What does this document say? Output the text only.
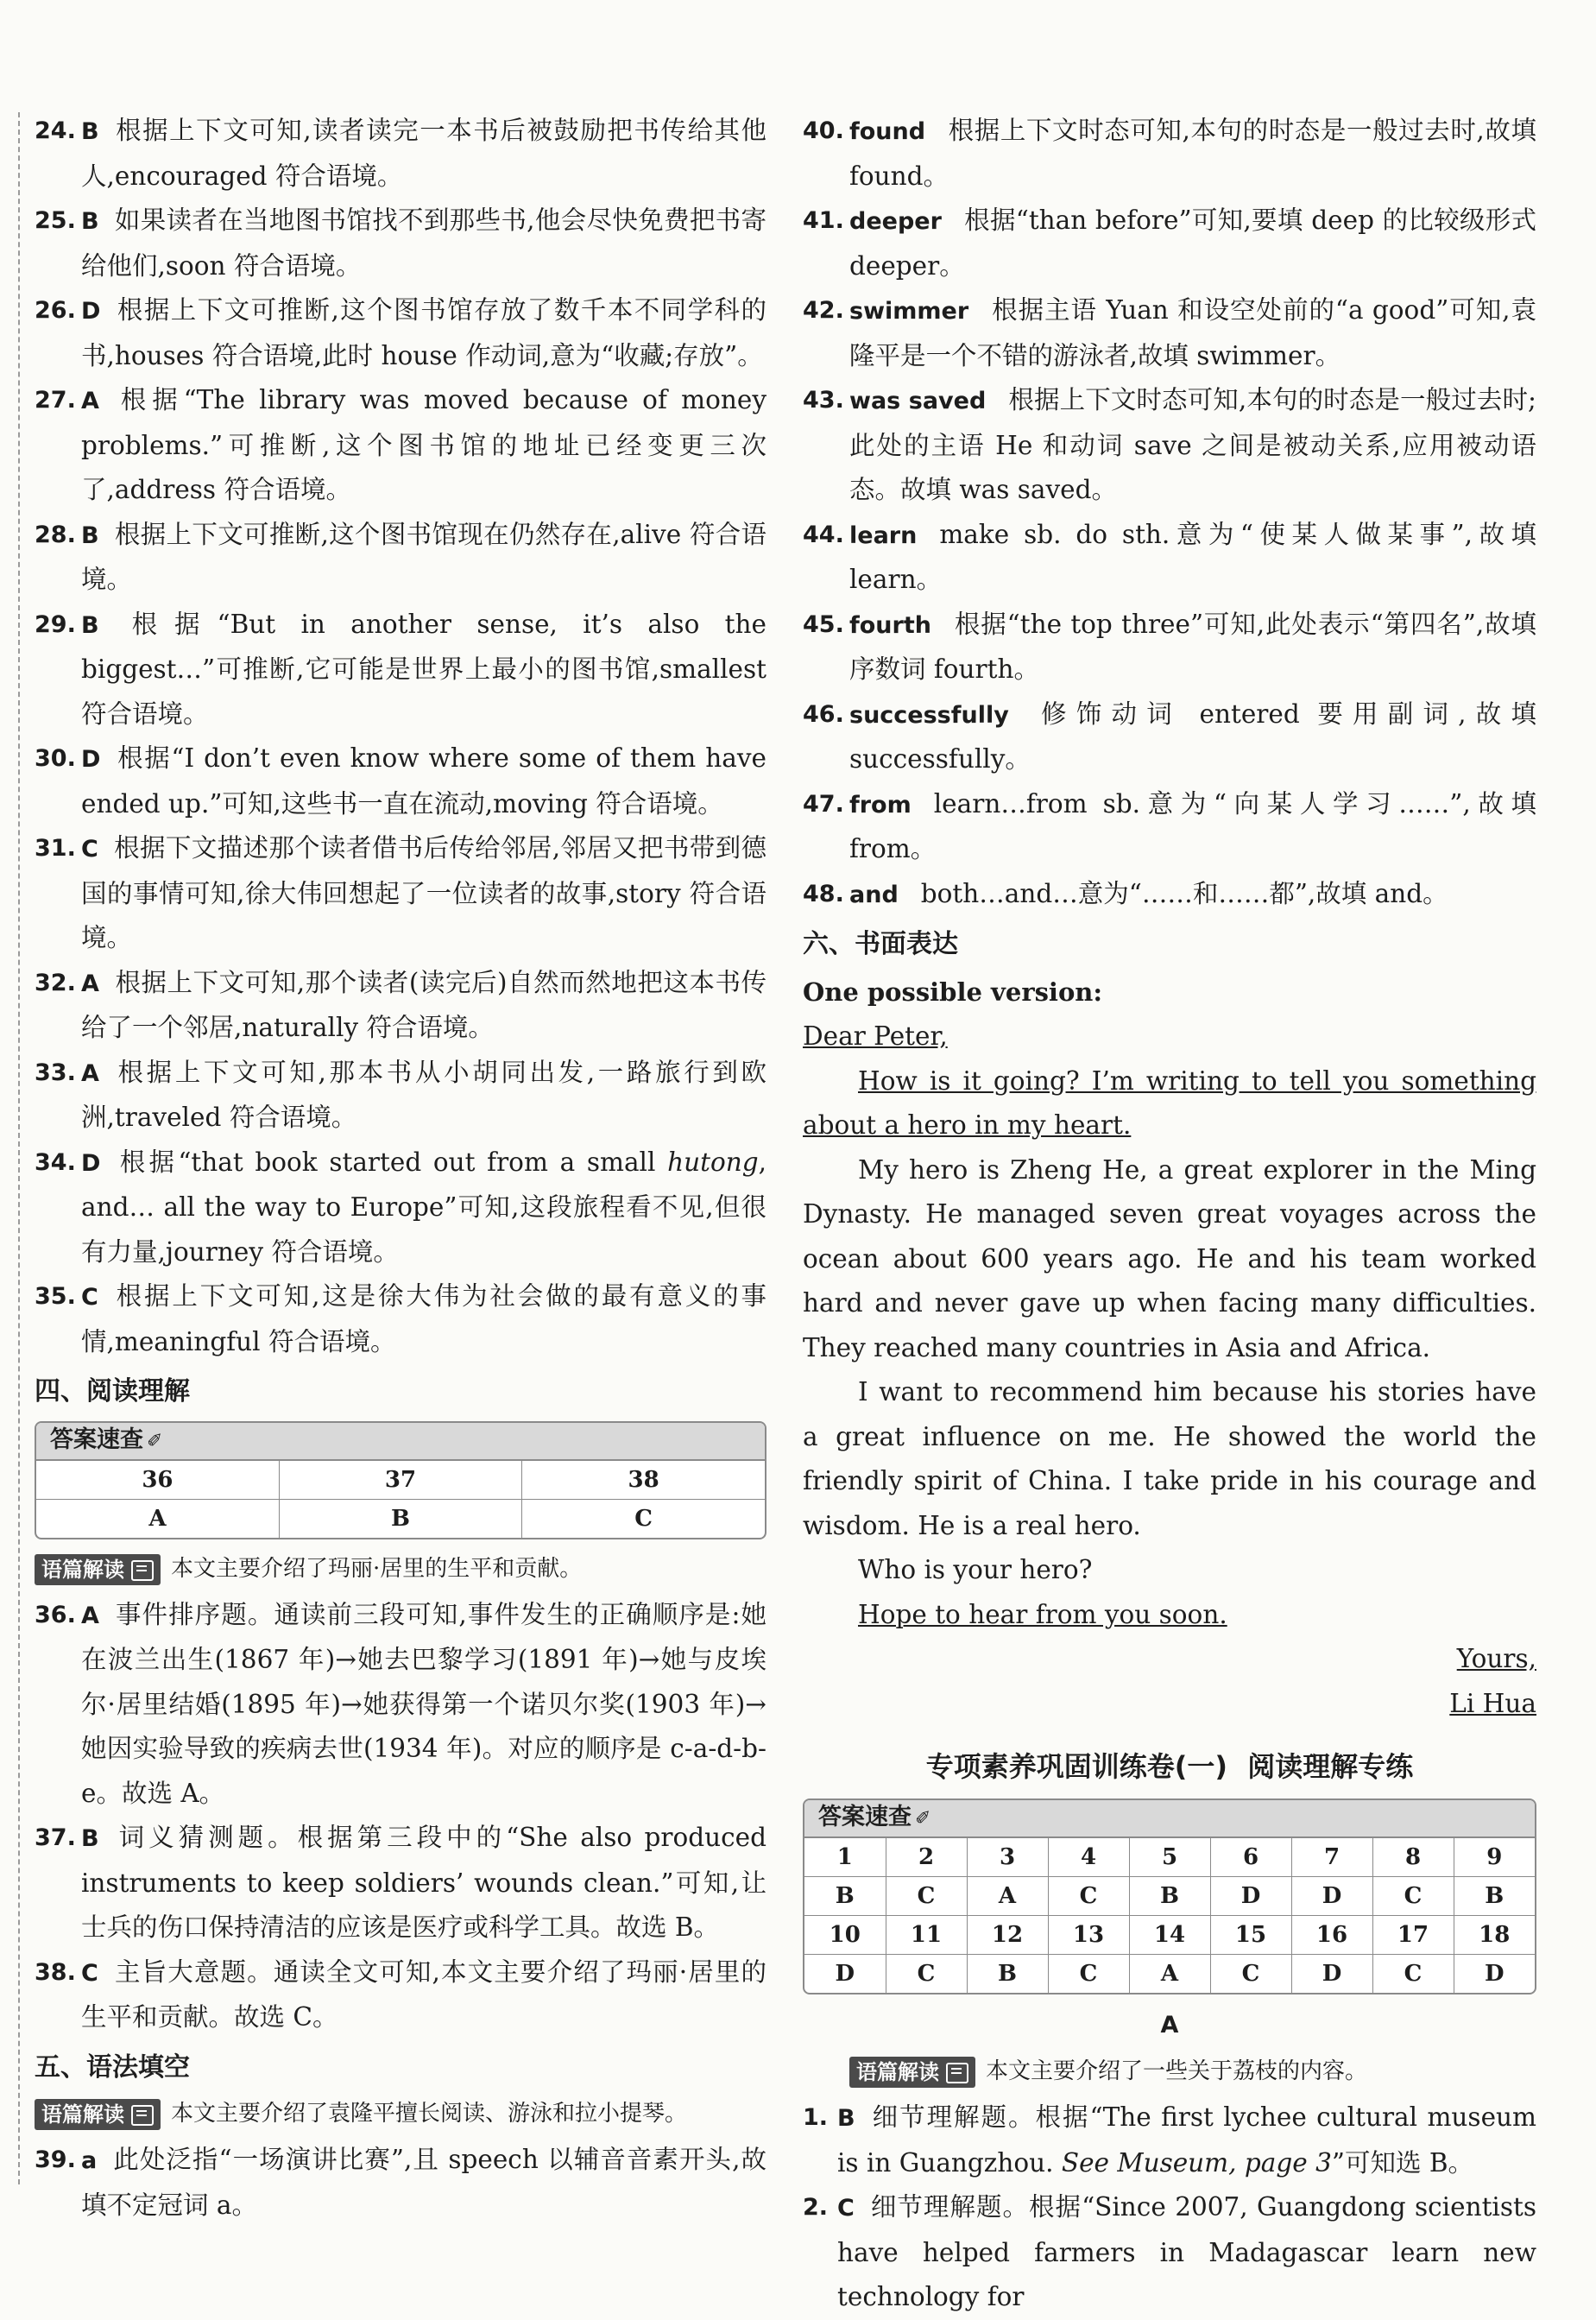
24. B 根据上下文可知,读者读完一本书后被鼓励把书传给其他人,encouraged 符合语境。
25. B 如果读者在当地图书馆找不到那些书,他会尽快免费把书寄给他们,soon 符合语境。
26. D 根据上下文可推断,这个图书馆存放了数千本不同学科的书,houses 符合语境,此时 house 作动词,意为“收藏;存放”。
27. A 根据“The library was moved because of money problems.”可推断,这个图书馆的地址已经变更三次了,address 符合语境。
28. B 根据上下文可推断,这个图书馆现在仍然存在,alive 符合语境。
29. B 根据“But in another sense, it’s also the biggest…”可推断,它可能是世界上最小的图书馆,smallest 符合语境。
30. D 根据“I don’t even know where some of them have ended up.”可知,这些书一直在流动,moving 符合语境。
31. C 根据下文描述那个读者借书后传给邻居,邻居又把书带到德国的事情可知,徐大伟回想起了一位读者的故事,story 符合语境。
32. A 根据上下文可知,那个读者(读完后)自然而然地把这本书传给了一个邻居,naturally 符合语境。
33. A 根据上下文可知,那本书从小胡同出发,一路旅行到欧洲,traveled 符合语境。
34. D 根据“that book started out from a small hutong, and… all the way to Europe”可知,这段旅程看不见,但很有力量,journey 符合语境。
35. C 根据上下文可知,这是徐大伟为社会做的最有意义的事情,meaningful 符合语境。
四、阅读理解
答案速查 ✐
36	37	38
A	B	C
语篇解读 本文主要介绍了玛丽·居里的生平和贡献。
36. A 事件排序题。通读前三段可知,事件发生的正确顺序是:她在波兰出生(1867 年)→她去巴黎学习(1891 年)→她与皮埃尔·居里结婚(1895 年)→她获得第一个诺贝尔奖(1903 年)→她因实验导致的疾病去世(1934 年)。对应的顺序是 c-a-d-b-e。故选 A。
37. B 词义猜测题。根据第三段中的“She also produced instruments to keep soldiers’ wounds clean.”可知,让士兵的伤口保持清洁的应该是医疗或科学工具。故选 B。
38. C 主旨大意题。通读全文可知,本文主要介绍了玛丽·居里的生平和贡献。故选 C。
五、语法填空
语篇解读 本文主要介绍了袁隆平擅长阅读、游泳和拉小提琴。
39. a 此处泛指“一场演讲比赛”,且 speech 以辅音音素开头,故填不定冠词 a。
40. found 根据上下文时态可知,本句的时态是一般过去时,故填 found。
41. deeper 根据“than before”可知,要填 deep 的比较级形式 deeper。
42. swimmer 根据主语 Yuan 和设空处前的“a good”可知,袁隆平是一个不错的游泳者,故填 swimmer。
43. was saved 根据上下文时态可知,本句的时态是一般过去时;此处的主语 He 和动词 save 之间是被动关系,应用被动语态。故填 was saved。
44. learn make sb. do sth.意为“使某人做某事”,故填 learn。
45. fourth 根据“the top three”可知,此处表示“第四名”,故填序数词 fourth。
46. successfully 修饰动词 entered 要用副词,故填 successfully。
47. from learn…from sb.意为“向某人学习……”,故填 from。
48. and both…and…意为“……和……都”,故填 and。
六、书面表达

One possible version:

Dear Peter,

How is it going? I’m writing to tell you something about a hero in my heart.

My hero is Zheng He, a great explorer in the Ming Dynasty. He managed seven great voyages across the ocean about 600 years ago. He and his team worked hard and never gave up when facing many difficulties. They reached many countries in Asia and Africa.

I want to recommend him because his stories have a great influence on me. He showed the world the friendly spirit of China. I take pride in his courage and wisdom. He is a real hero.

Who is your hero?

Hope to hear from you soon.

Yours,

Li Hua

专项素养巩固训练卷(一) 阅读理解专练
答案速查 ✐
1	2	3	4	5	6	7	8	9
B	C	A	C	B	D	D	C	B
10	11	12	13	14	15	16	17	18
D	C	B	C	A	C	D	C	D
A
语篇解读 本文主要介绍了一些关于荔枝的内容。
1. B 细节理解题。根据“The first lychee cultural museum is in Guangzhou. See Museum, page 3”可知选 B。
2. C 细节理解题。根据“Since 2007, Guangdong scientists have helped farmers in Madagascar learn new technology for
